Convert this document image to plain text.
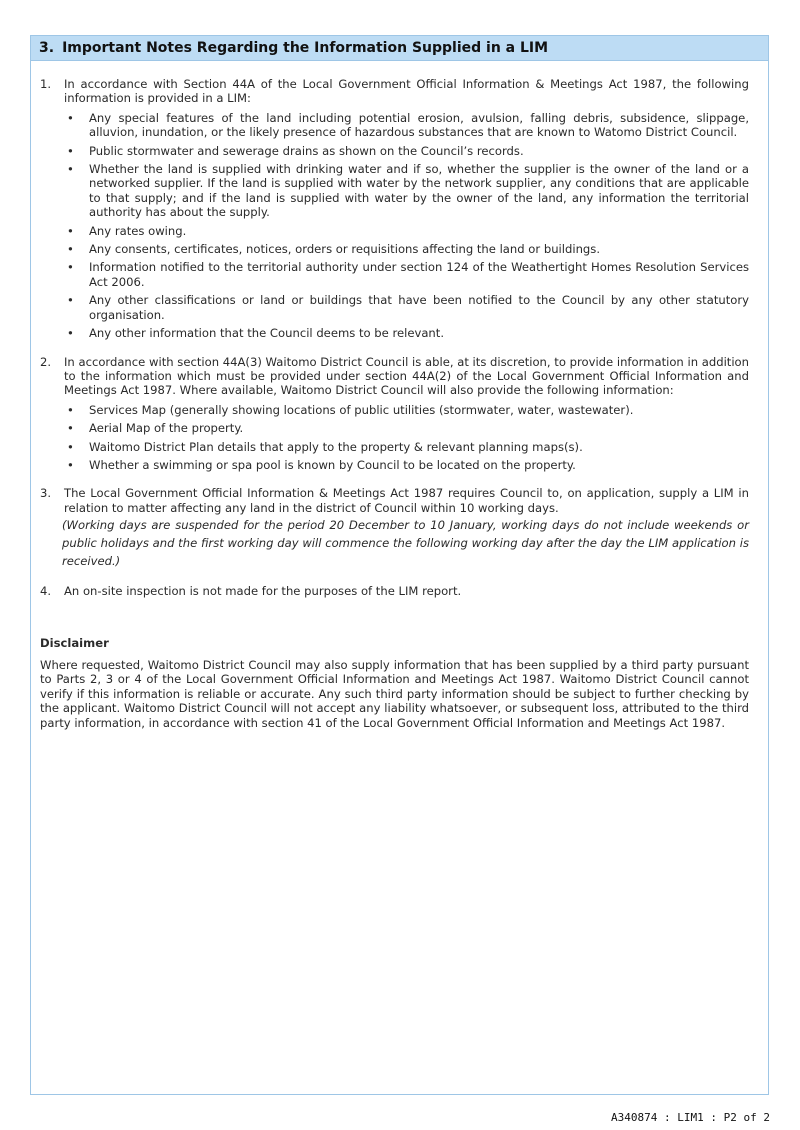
3. Important Notes Regarding the Information Supplied in a LIM
1. In accordance with Section 44A of the Local Government Official Information & Meetings Act 1987, the following information is provided in a LIM:
• Any special features of the land including potential erosion, avulsion, falling debris, subsidence, slippage, alluvion, inundation, or the likely presence of hazardous substances that are known to Watomo District Council.
• Public stormwater and sewerage drains as shown on the Council’s records.
• Whether the land is supplied with drinking water and if so, whether the supplier is the owner of the land or a networked supplier. If the land is supplied with water by the network supplier, any conditions that are applicable to that supply; and if the land is supplied with water by the owner of the land, any information the territorial authority has about the supply.
• Any rates owing.
• Any consents, certificates, notices, orders or requisitions affecting the land or buildings.
• Information notified to the territorial authority under section 124 of the Weathertight Homes Resolution Services Act 2006.
• Any other classifications or land or buildings that have been notified to the Council by any other statutory organisation.
• Any other information that the Council deems to be relevant.
2. In accordance with section 44A(3) Waitomo District Council is able, at its discretion, to provide information in addition to the information which must be provided under section 44A(2) of the Local Government Official Information and Meetings Act 1987. Where available, Waitomo District Council will also provide the following information:
• Services Map (generally showing locations of public utilities (stormwater, water, wastewater).
• Aerial Map of the property.
• Waitomo District Plan details that apply to the property & relevant planning maps(s).
• Whether a swimming or spa pool is known by Council to be located on the property.
3. The Local Government Official Information & Meetings Act 1987 requires Council to, on application, supply a LIM in relation to matter affecting any land in the district of Council within 10 working days.
(Working days are suspended for the period 20 December to 10 January, working days do not include weekends or public holidays and the first working day will commence the following working day after the day the LIM application is received.)
4. An on-site inspection is not made for the purposes of the LIM report.
Disclaimer
Where requested, Waitomo District Council may also supply information that has been supplied by a third party pursuant to Parts 2, 3 or 4 of the Local Government Official Information and Meetings Act 1987. Waitomo District Council cannot verify if this information is reliable or accurate. Any such third party information should be subject to further checking by the applicant. Waitomo District Council will not accept any liability whatsoever, or subsequent loss, attributed to the third party information, in accordance with section 41 of the Local Government Official Information and Meetings Act 1987.
A340874 : LIM1 : P2 of 2
